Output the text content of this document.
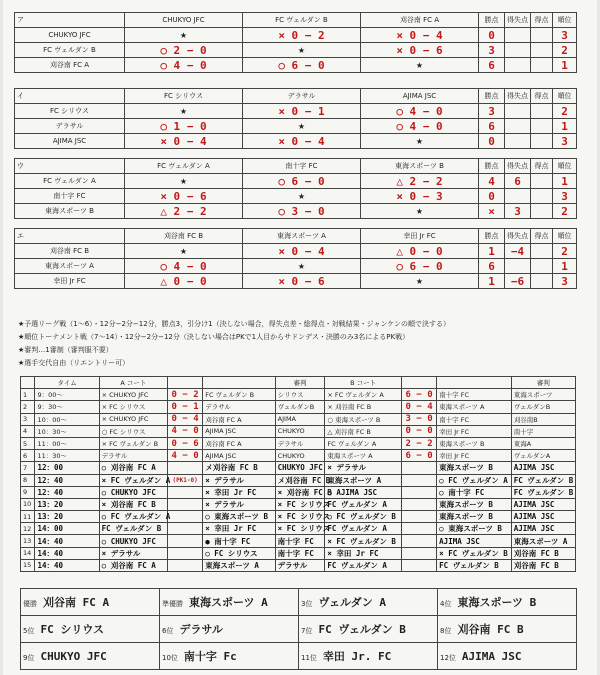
★予選リーグ戦（1〜6）・12分−2分−12分，勝点3，引分け1（決しない場合，得失点差・総得点・対戦結果・ジャンケンの順で決する）
★順位トーナメント戦（7〜14）・12分−2分−12分（決しない場合はPKで1人目からサドンデス・決勝のみ3名によるPK戦）
★審判…1審制（審判服不要）
★選手交代自由（リエントリー可）
	タイム	A コート			審判	B コート			審判
1	9：00〜	× CHUKYO JFC	0 − 2	FC ヴェルダン B	シリウス	× FC ヴェルダン A	6 − 0	南十字 FC	東海スポーツ
2	9：30〜	× FC シリウス	0 − 1	デラサル	ヴェルダンB	× 刈谷南 FC B	0 − 4	東海スポーツ A	ヴェルダンB
3	10：00〜	× CHUKYO JFC	0 − 4	刈谷南 FC A	AJIMA	○ 東海スポーツ B	3 − 0	南十字 FC	刈谷南B
4	10：30〜	○ FC シリウス	4 − 0	AJIMA JSC	CHUKYO	△ 刈谷南 FC B	0 − 0	幸田 Jr FC	南十字
5	11：00〜	× FC ヴェルダン B	0 − 6	刈谷南 FC A	デラサル	FC ヴェルダン A	2 − 2	東海スポーツ B	東海A
6	11：30〜	デラサル	4 − 0	AJIMA JSC	CHUKYO	東海スポーツ A	6 − 0	幸田 Jr FC	ヴェルダンA
7	12：00	○ 刈谷南 FC A		メ刈谷南 FC B	CHUKYO JFC	× デラサル		東海スポーツ B	AJIMA JSC
8	12：40	× FC ヴェルダン A	(PK1-0)	× デラサル	メ刈谷南 FC B	東海スポーツ A		○ FC ヴェルダン A	FC ヴェルダン B
9	12：40	○ CHUKYO JFC		× 幸田 Jr FC	× 刈谷南 FC B	○ AJIMA JSC		○ 南十字 FC	FC ヴェルダン B
10	13：20	× 刈谷南 FC B		× デラサル	× FC シリウス	FC ヴェルダン A		東海スポーツ B	AJIMA JSC
11	13：20	○ FC ヴェルダン A		○ 東海スポーツ B	× FC シリウス	○ FC ヴェルダン B		東海スポーツ B	AJIMA JSC
12	14：00	FC ヴェルダン B		× 幸田 Jr FC	× FC シリウス	FC ヴェルダン A		○ 東海スポーツ B	AJIMA JSC
13	14：40	○ CHUKYO JFC		● 南十字 FC	南十字 FC	× FC ヴェルダン B		AJIMA JSC	東海スポーツ A
14	14：40	× デラサル		○ FC シリウス	南十字 FC	× 幸田 Jr FC		× FC ヴェルダン B	刈谷南 FC B
15	14：40	○ 刈谷南 FC A		東海スポーツ A	デラサル	FC ヴェルダン A		FC ヴェルダン B	刈谷南 FC B
優勝 刈谷南 FC A	準優勝 東海スポーツ A	3位 ヴェルダン A	4位 東海スポーツ B
5位 FC シリウス	6位 デラサル	7位 FC ヴェルダン B	8位 刈谷南 FC B
9位 CHUKYO JFC	10位 南十字 Fc	11位 幸田 Jr. FC	12位 AJIMA JSC
ア	CHUKYO JFC	FC ヴェルダン B	刈谷南 FC A	勝点	得失点	得点	順位
CHUKYO JFC	★	× 0 − 2	× 0 − 4	0			3
FC ヴェルダン B	○ 2 − 0	★	× 0 − 6	3			2
刈谷南 FC A	○ 4 − 0	○ 6 − 0	★	6			1
イ	FC シリウス	デラサル	AJIMA JSC	勝点	得失点	得点	順位
FC シリウス	★	× 0 − 1	○ 4 − 0	3			2
デラサル	○ 1 − 0	★	○ 4 − 0	6			1
AJIMA JSC	× 0 − 4	× 0 − 4	★	0			3
ウ	FC ヴェルダン A	南十字 FC	東海スポーツ B	勝点	得失点	得点	順位
FC ヴェルダン A	★	○ 6 − 0	△ 2 − 2	4	6		1
南十字 FC	× 0 − 6	★	× 0 − 3	0			3
東海スポーツ B	△ 2 − 2	○ 3 − 0	★	×	3		2
エ	刈谷南 FC B	東海スポーツ A	幸田 Jr FC	勝点	得失点	得点	順位
刈谷南 FC B	★	× 0 − 4	△ 0 − 0	1	−4		2
東海スポーツ A	○ 4 − 0	★	○ 6 − 0	6			1
幸田 Jr FC	△ 0 − 0	× 0 − 6	★	1	−6		3
